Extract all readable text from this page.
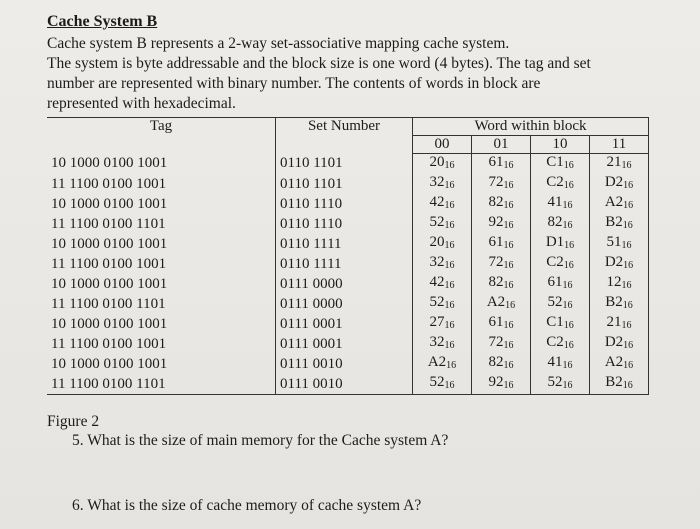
Cache System B

Cache system B represents a 2-way set-associative mapping cache system.

The system is byte addressable and the block size is one word (4 bytes). The tag and set

number are represented with binary number. The contents of words in block are

represented with hexadecimal.

Tag	Set Number	Word within block			
		00	01	10	11
10 1000 0100 1001	0110 1101	$20_{16}$	$61_{16}$	$C1_{16}$	$21_{16}$
11 1100 0100 1001	0110 1101	$32_{16}$	$72_{16}$	$C2_{16}$	$D2_{16}$
10 1000 0100 1001	0110 1110	$42_{16}$	$82_{16}$	$41_{16}$	$A2_{16}$
11 1100 0100 1101	0110 1110	$52_{16}$	$92_{16}$	$82_{16}$	$B2_{16}$
10 1000 0100 1001	0110 1111	$20_{16}$	$61_{16}$	$D1_{16}$	$51_{16}$
11 1100 0100 1001	0110 1111	$32_{16}$	$72_{16}$	$C2_{16}$	$D2_{16}$
10 1000 0100 1001	0111 0000	$42_{16}$	$82_{16}$	$61_{16}$	$12_{16}$
11 1100 0100 1101	0111 0000	$52_{16}$	$A2_{16}$	$52_{16}$	$B2_{16}$
10 1000 0100 1001	0111 0001	$27_{16}$	$61_{16}$	$C1_{16}$	$21_{16}$
11 1100 0100 1001	0111 0001	$32_{16}$	$72_{16}$	$C2_{16}$	$D2_{16}$
10 1000 0100 1001	0111 0010	$A2_{16}$	$82_{16}$	$41_{16}$	$A2_{16}$
11 1100 0100 1101	0111 0010	$52_{16}$	$92_{16}$	$52_{16}$	$B2_{16}$
Figure 2
5. What is the size of main memory for the Cache system A?
6. What is the size of cache memory of cache system A?
